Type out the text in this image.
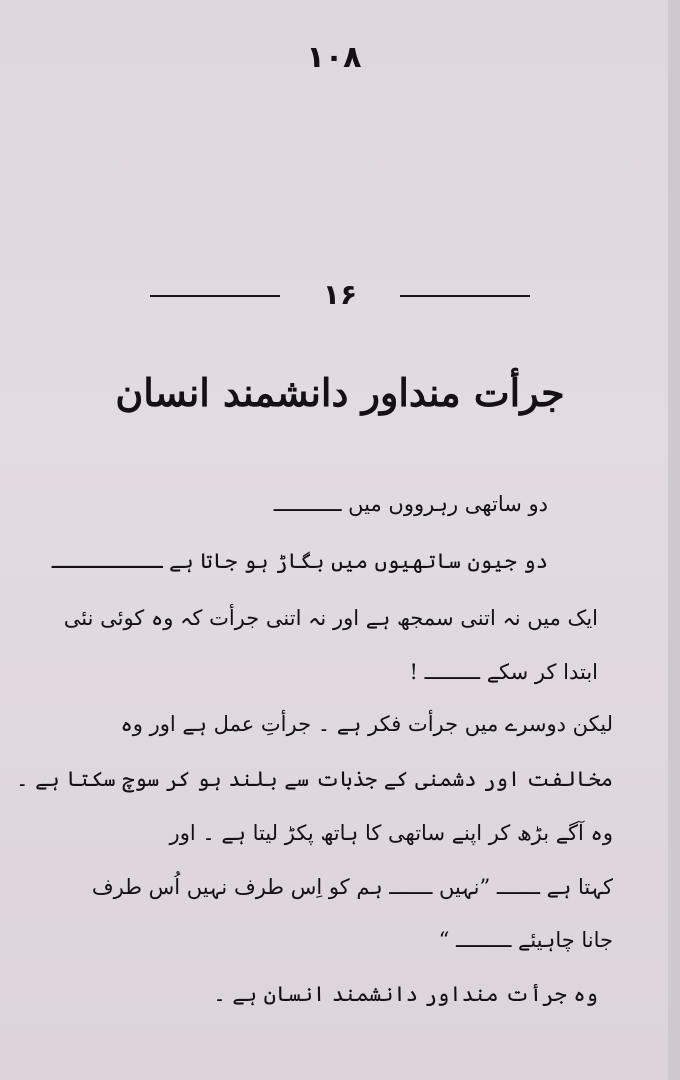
۱۰۸
۱۶
جرأت منداور دانشمند انسان
دو ساتھی رہرووں میں ـــــــــــ
دو جیون ساتھیوں میں بگاڑ ہو جاتا ہے ـــــــــ
ایک میں نہ اتنی سمجھ ہے اور نہ اتنی جرأت کہ وہ کوئی نئی
ابتدا کر سکے ـــــــــ !
لیکن دوسرے میں جرأت فکر ہے ۔ جرأتِ عمل ہے اور وہ
مخالفت اور دشمنی کے جذبات سے بلند ہو کر سوچ سکتا ہے ۔
وہ آگے بڑھ کر اپنے ساتھی کا ہاتھ پکڑ لیتا ہے ۔ اور
کہتا ہے ـــــــ ”نہیں ـــــــ ہم کو اِس طرف نہیں اُس طرف
جانا چاہیئے ـــــــــ “
وہ جرأت منداور دانشمند انسان ہے ۔
